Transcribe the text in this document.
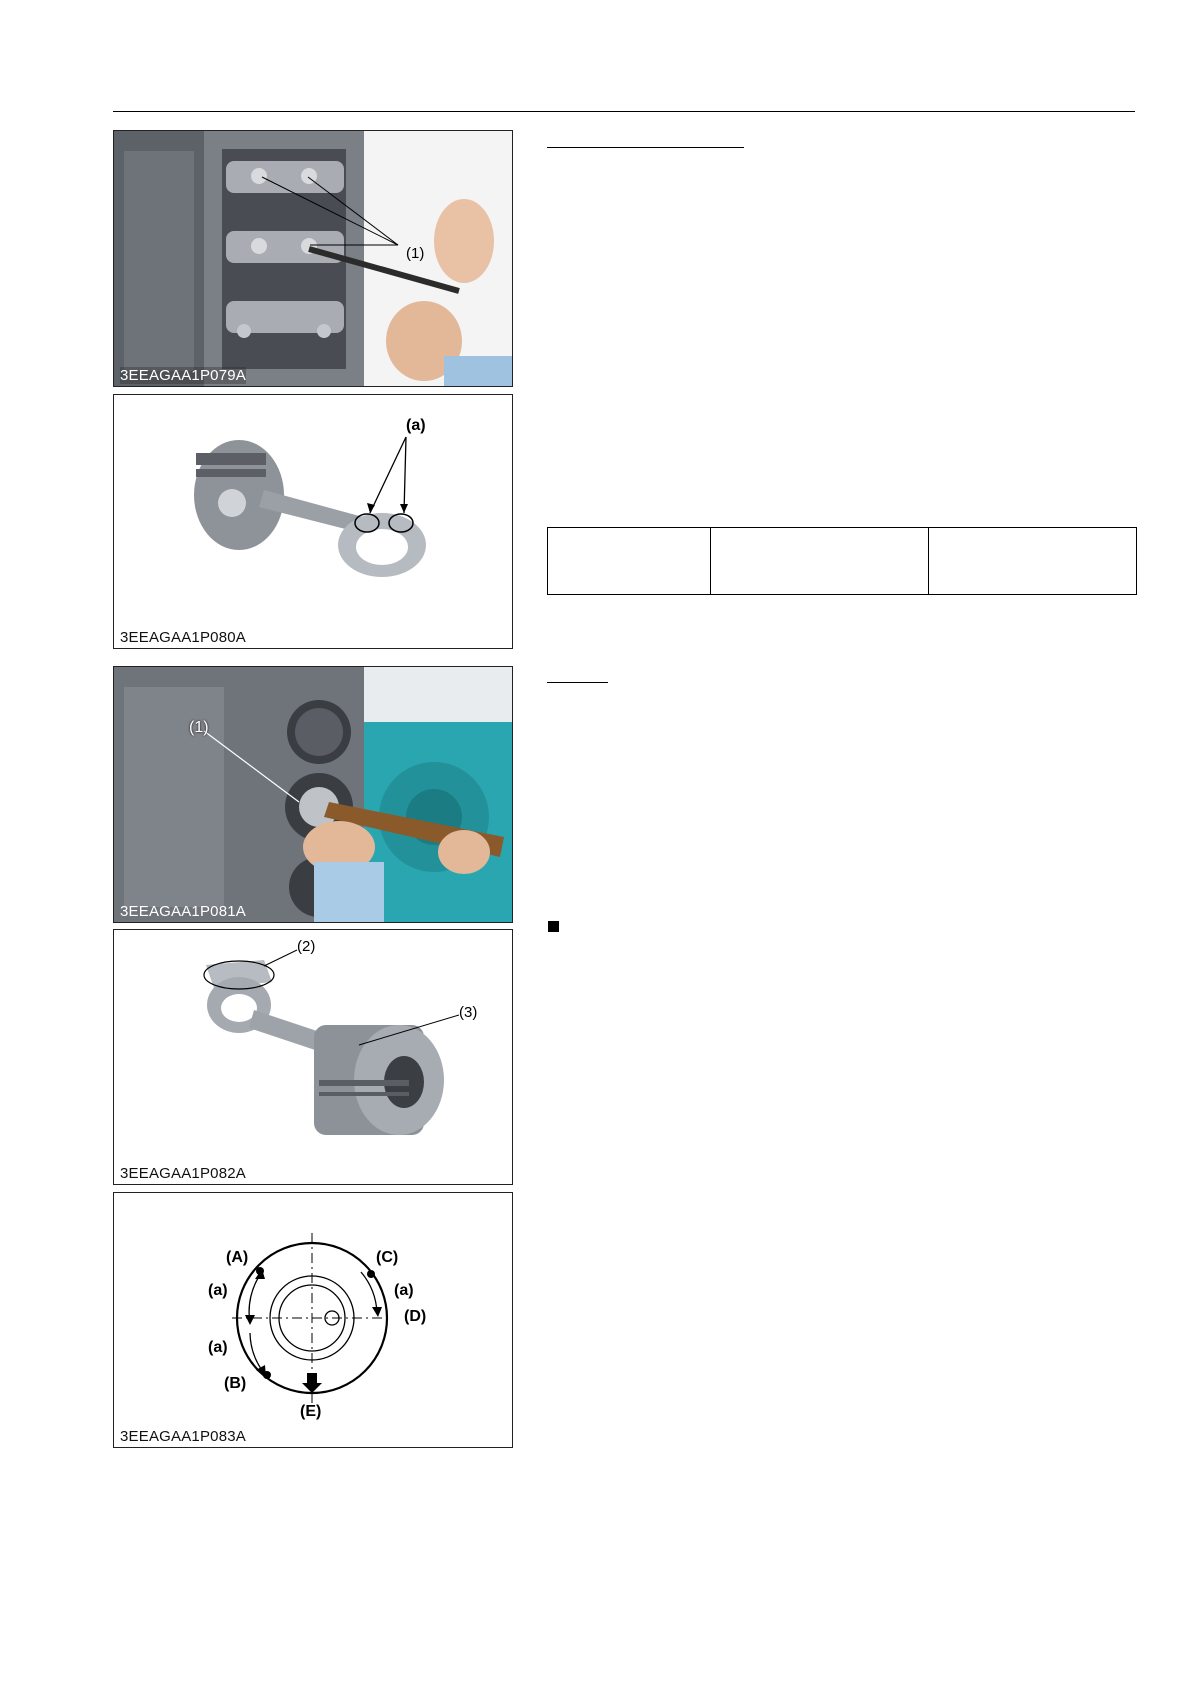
(1)
3EEAGAA1P079A
(a)
3EEAGAA1P080A
(1)
3EEAGAA1P081A
(2)
(3)
3EEAGAA1P082A
(A)	(C)
(a)	(a)
(D)
(a)
(B)
(E)
3EEAGAA1P083A
